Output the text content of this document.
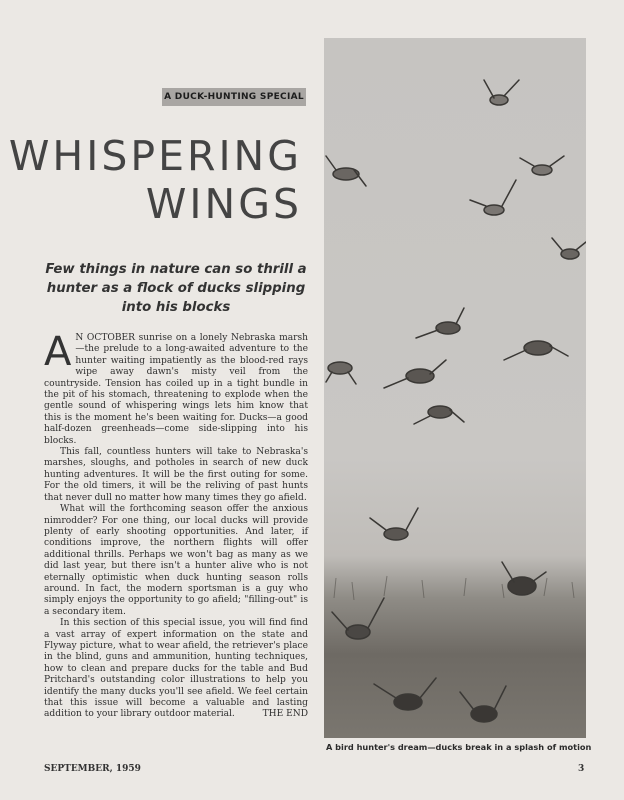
A DUCK-HUNTING SPECIAL
WHISPERING
WINGS
Few things in nature can so thrill a hunter as a flock of ducks slipping into his blocks

A N OCTOBER sunrise on a lonely Nebraska marsh—the prelude to a long-awaited adventure to the hunter waiting impatiently as the blood-red rays wipe away dawn's misty veil from the countryside. Tension has coiled up in a tight bundle in the pit of his stomach, threatening to explode when the gentle sound of whispering wings lets him know that this is the moment he's been waiting for. Ducks—a good half-dozen greenheads—come side-slipping into his blocks.

This fall, countless hunters will take to Nebraska's marshes, sloughs, and potholes in search of new duck hunting adventures. It will be the first outing for some. For the old timers, it will be the reliving of past hunts that never dull no matter how many times they go afield.

What will the forthcoming season offer the anxious nimrodder? For one thing, our local ducks will provide plenty of early shooting opportunities. And later, if conditions improve, the northern flights will offer additional thrills. Perhaps we won't bag as many as we did last year, but there isn't a hunter alive who is not eternally optimistic when duck hunting season rolls around. In fact, the modern sportsman is a guy who simply enjoys the opportunity to go afield; "filling-out" is a secondary item.

In this section of this special issue, you will find find a vast array of expert information on the state and Flyway picture, what to wear afield, the retriever's place in the blind, guns and ammunition, hunting techniques, how to clean and prepare ducks for the table and Bud Pritchard's outstanding color illustrations to help you identify the many ducks you'll see afield. We feel certain that this issue will become a valuable and lasting addition to your library outdoor material.	THE END

A bird hunter's dream—ducks break in a splash of motion
SEPTEMBER, 1959	3
